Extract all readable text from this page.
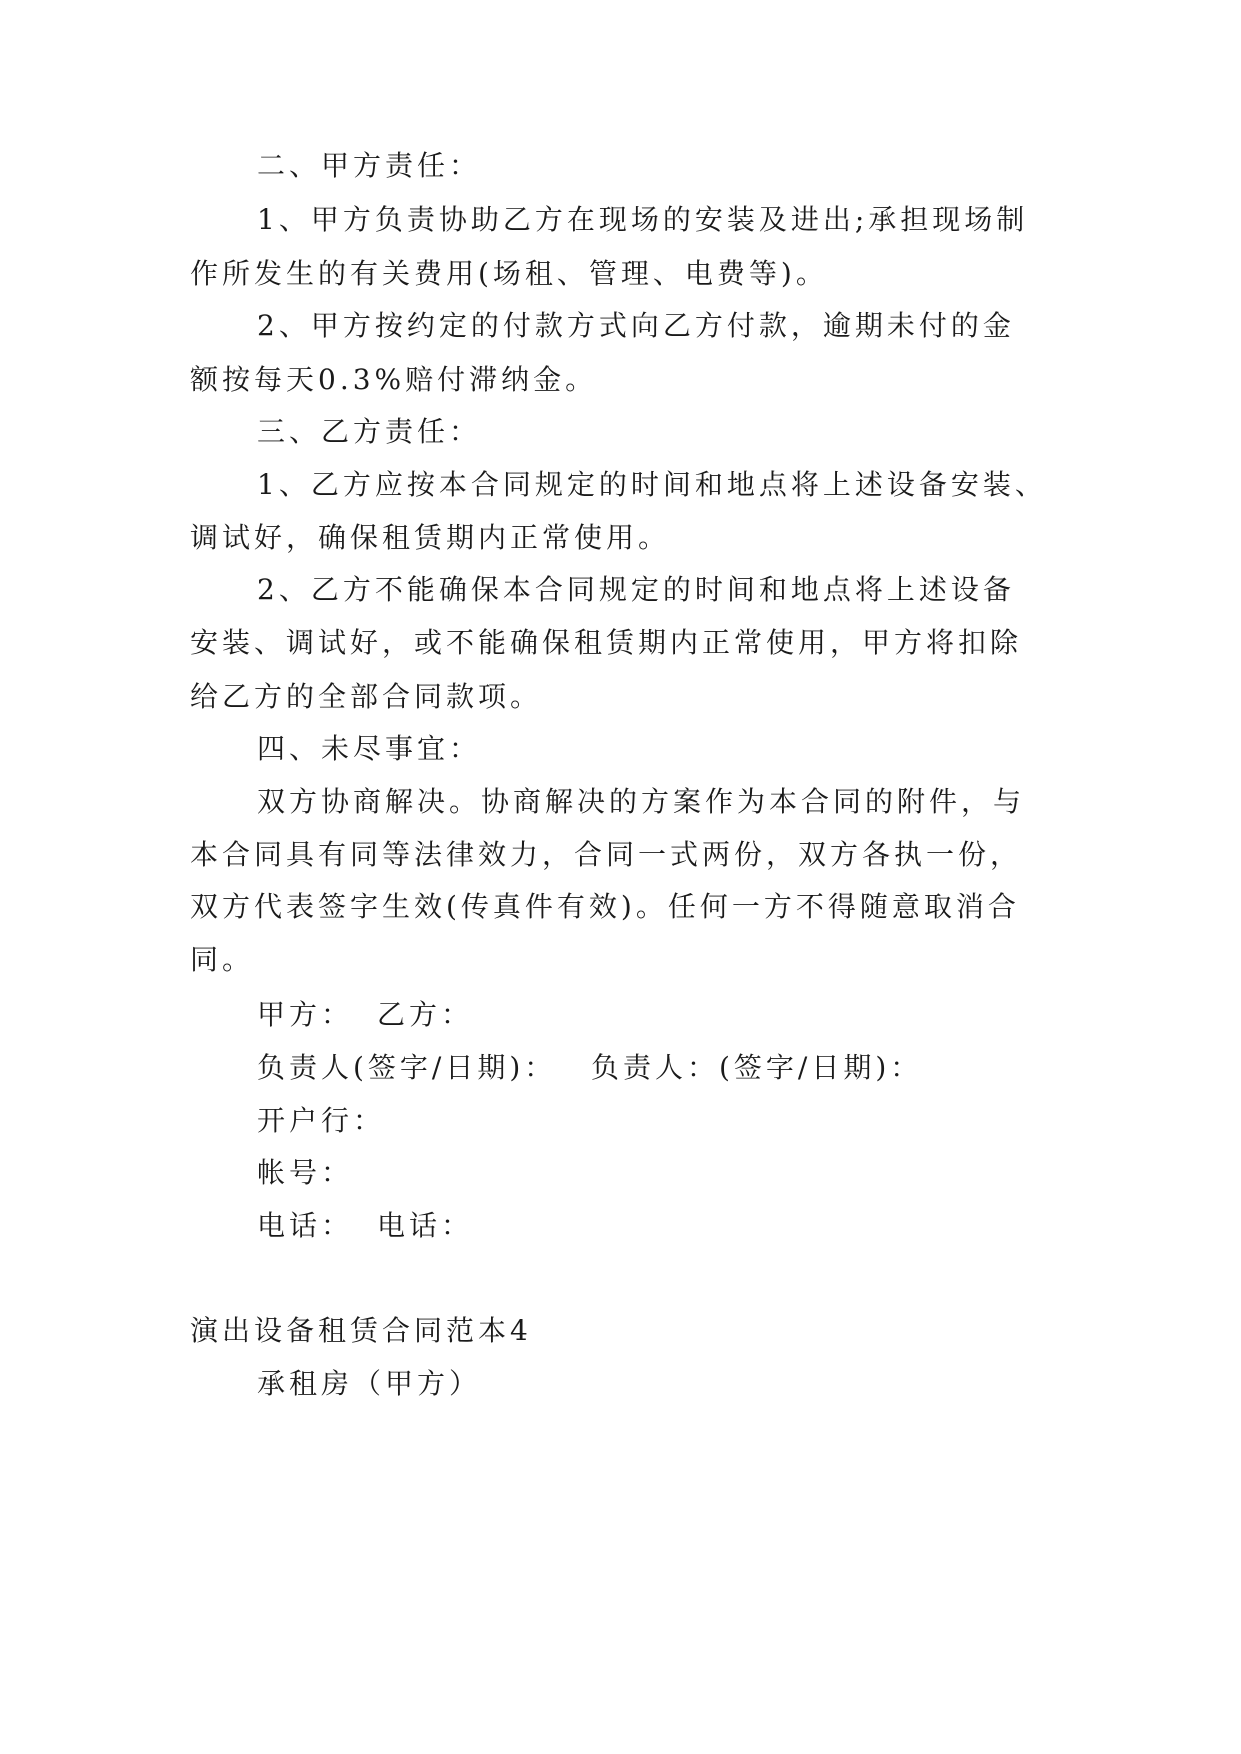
二、甲方责任：
1、甲方负责协助乙方在现场的安装及进出;承担现场制
作所发生的有关费用(场租、管理、电费等)。
2、甲方按约定的付款方式向乙方付款，逾期未付的金
额按每天0.3%赔付滞纳金。
三、乙方责任：
1、乙方应按本合同规定的时间和地点将上述设备安装、
调试好，确保租赁期内正常使用。
2、乙方不能确保本合同规定的时间和地点将上述设备
安装、调试好，或不能确保租赁期内正常使用，甲方将扣除
给乙方的全部合同款项。
四、未尽事宜：
双方协商解决。协商解决的方案作为本合同的附件，与
本合同具有同等法律效力，合同一式两份，双方各执一份，
双方代表签字生效(传真件有效)。任何一方不得随意取消合
同。
甲方： 乙方：
负责人(签字/日期)： 负责人：(签字/日期)：
开户行：
帐号：
电话： 电话：
演出设备租赁合同范本4
承租房（甲方）
